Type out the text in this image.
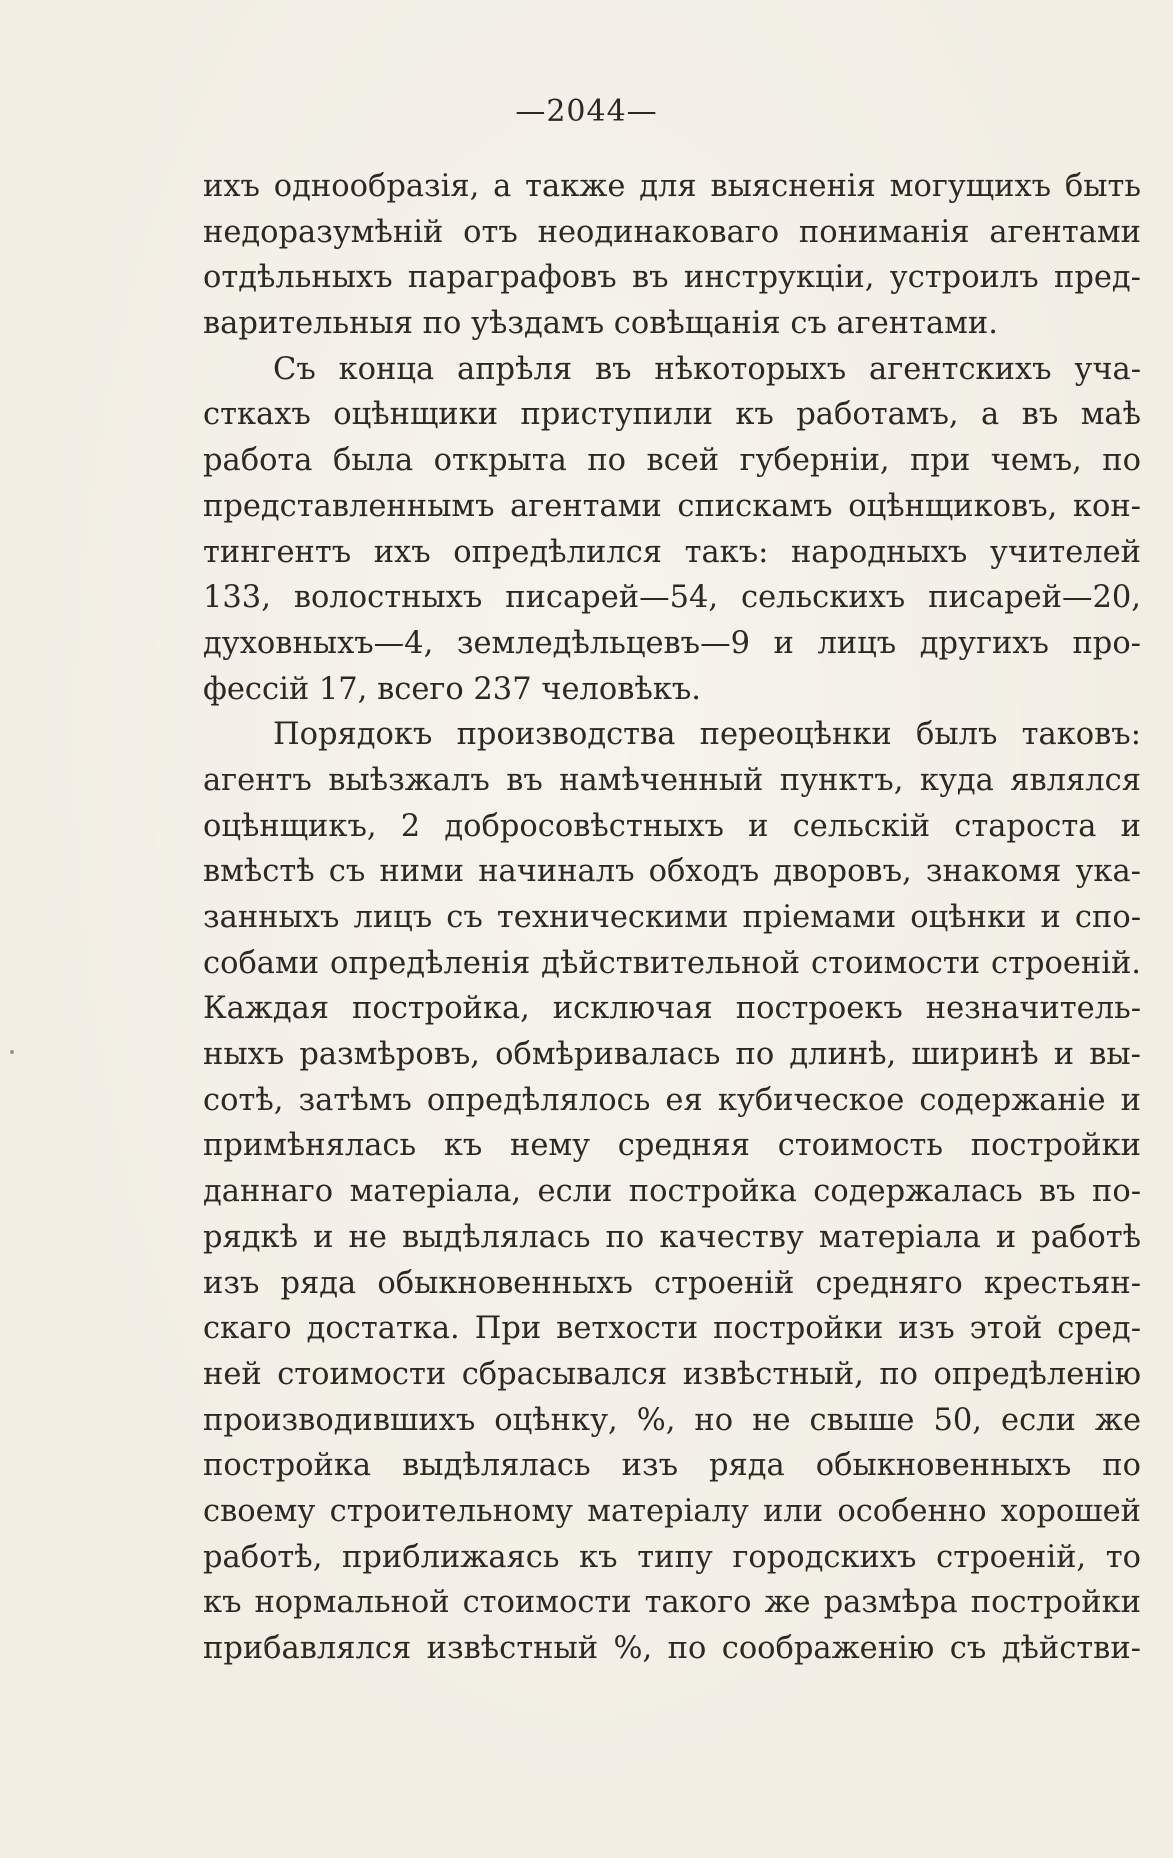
—2044—
ихъ однообразія, а также для выясненія могущихъ быть
недоразумѣній отъ неодинаковаго пониманія агентами
отдѣльныхъ параграфовъ въ инструкціи, устроилъ пред-
варительныя по уѣздамъ совѣщанія съ агентами.
Съ конца апрѣля въ нѣкоторыхъ агентскихъ уча-
сткахъ оцѣнщики приступили къ работамъ, а въ маѣ
работа была открыта по всей губерніи, при чемъ, по
представленнымъ агентами спискамъ оцѣнщиковъ, кон-
тингентъ ихъ опредѣлился такъ: народныхъ учителей
133, волостныхъ писарей—54, сельскихъ писарей—20,
духовныхъ—4, земледѣльцевъ—9 и лицъ другихъ про-
фессій 17, всего 237 человѣкъ.
Порядокъ производства переоцѣнки былъ таковъ:
агентъ выѣзжалъ въ намѣченный пунктъ, куда являлся
оцѣнщикъ, 2 добросовѣстныхъ и сельскій староста и
вмѣстѣ съ ними начиналъ обходъ дворовъ, знакомя ука-
занныхъ лицъ съ техническими пріемами оцѣнки и спо-
собами опредѣленія дѣйствительной стоимости строеній.
Каждая постройка, исключая построекъ незначитель-
ныхъ размѣровъ, обмѣривалась по длинѣ, ширинѣ и вы-
сотѣ, затѣмъ опредѣлялось ея кубическое содержаніе и
примѣнялась къ нему средняя стоимость постройки
даннаго матеріала, если постройка содержалась въ по-
рядкѣ и не выдѣлялась по качеству матеріала и работѣ
изъ ряда обыкновенныхъ строеній средняго крестьян-
скаго достатка. При ветхости постройки изъ этой сред-
ней стоимости сбрасывался извѣстный, по опредѣленію
производившихъ оцѣнку, %, но не свыше 50, если же
постройка выдѣлялась изъ ряда обыкновенныхъ по
своему строительному матеріалу или особенно хорошей
работѣ, приближаясь къ типу городскихъ строеній, то
къ нормальной стоимости такого же размѣра постройки
прибавлялся извѣстный %, по соображенію съ дѣйстви-
